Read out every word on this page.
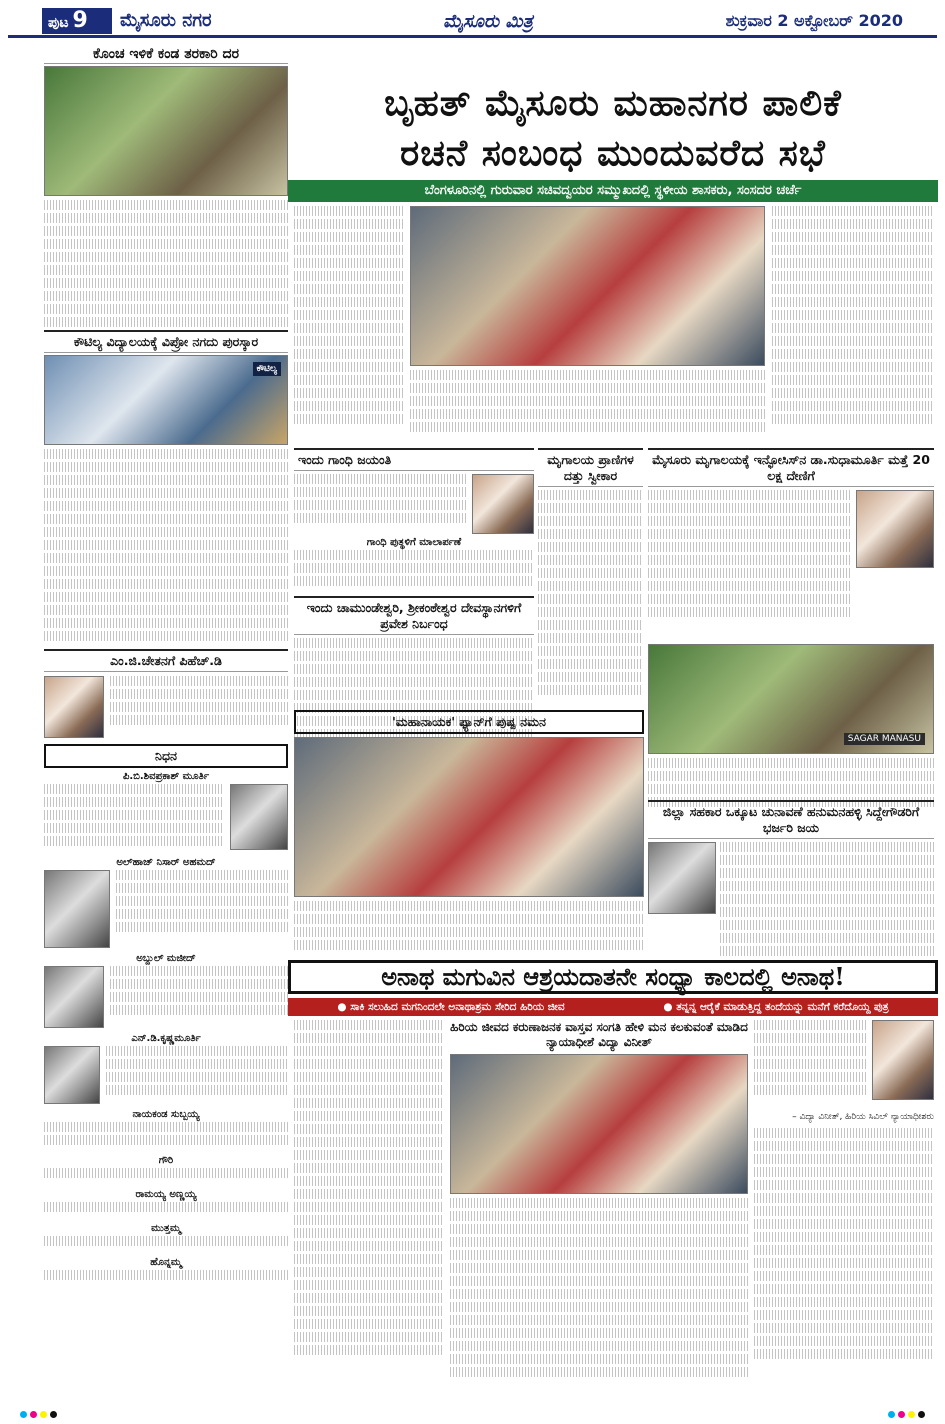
ಪುಟ 9	ಮೈಸೂರು ನಗರ	ಮೈಸೂರು ಮಿತ್ರ	ಶುಕ್ರವಾರ 2 ಅಕ್ಟೋಬರ್ 2020
ಬೃಹತ್ ಮೈಸೂರು ಮಹಾನಗರ ಪಾಲಿಕೆ
ರಚನೆ ಸಂಬಂಧ ಮುಂದುವರೆದ ಸಭೆ
ಬೆಂಗಳೂರಿನಲ್ಲಿ ಗುರುವಾರ ಸಚಿವದ್ವಯರ ಸಮ್ಮುಖದಲ್ಲಿ ಸ್ಥಳೀಯ ಶಾಸಕರು, ಸಂಸದರ ಚರ್ಚೆ
ಕೊಂಚ ಇಳಿಕೆ ಕಂಡ ತರಕಾರಿ ದರ
ಕೌಟಿಲ್ಯ ವಿದ್ಯಾಲಯಕ್ಕೆ ವಿಪ್ರೋ ನಗದು ಪುರಸ್ಕಾರ
ಕೌಟಿಲ್ಯ
ಎಂ.ಜಿ.ಚೇತನಗೆ ಪಿಹೆಚ್.ಡಿ
ನಿಧನ
ಪಿ.ಬಿ.ಶಿವಪ್ರಕಾಶ್ ಮೂರ್ತಿ
ಅಲ್‌ಹಾಜ್ ನಿಸಾರ್ ಅಹಮದ್
ಅಬ್ದುಲ್ ಮಜೀದ್
ಎನ್.ಡಿ.ಕೃಷ್ಣಮೂರ್ತಿ
ನಾಯಕಂಡ ಸುಬ್ಬಯ್ಯ
ಗೌರಿ
ರಾಮಯ್ಯ ಅಣ್ಣಯ್ಯ
ಮುತ್ತಮ್ಮ
ಹೊನ್ನಮ್ಮ
ಇಂದು ಗಾಂಧಿ ಜಯಂತಿ
ಗಾಂಧಿ ಪುತ್ಥಳಿಗೆ ಮಾಲಾರ್ಪಣೆ
ಇಂದು ಚಾಮುಂಡೇಶ್ವರಿ, ಶ್ರೀಕಂಠೇಶ್ವರ ದೇವಸ್ಥಾನಗಳಿಗೆ ಪ್ರವೇಶ ನಿರ್ಬಂಧ
ಮೃಗಾಲಯ ಪ್ರಾಣಿಗಳ ದತ್ತು ಸ್ವೀಕಾರ
ಮೈಸೂರು ಮೃಗಾಲಯಕ್ಕೆ ಇನ್ಫೋಸಿಸ್‌ನ ಡಾ.ಸುಧಾಮೂರ್ತಿ ಮತ್ತೆ 20 ಲಕ್ಷ ದೇಣಿಗೆ
SAGAR MANASU
'ಮಹಾನಾಯಕ' ಫ್ಯಾನ್‌ಗೆ ಪುಷ್ಪ ನಮನ
ಜಿಲ್ಲಾ ಸಹಕಾರ ಒಕ್ಕೂಟ ಚುನಾವಣೆ ಹನುಮನಹಳ್ಳಿ ಸಿದ್ದೇಗೌಡರಿಗೆ ಭರ್ಜರಿ ಜಯ
ಅನಾಥ ಮಗುವಿನ ಆಶ್ರಯದಾತನೇ ಸಂಧ್ಯಾ ಕಾಲದಲ್ಲಿ ಅನಾಥ!
● ಸಾಕಿ ಸಲುಹಿದ ಮಗನಿಂದಲೇ ಅನಾಥಾಶ್ರಮ ಸೇರಿದ ಹಿರಿಯ ಜೀವ	● ತನ್ನನ್ನ ಆರೈಕೆ ಮಾಡುತ್ತಿದ್ದ ತಂದೆಯನ್ನು ಮನೆಗೆ ಕರೆದೊಯ್ದ ಪುತ್ರ
ಹಿರಿಯ ಜೀವದ ಕರುಣಾಜನಕ ವಾಸ್ತವ ಸಂಗತಿ ಹೇಳಿ ಮನ ಕಲಕುವಂತೆ ಮಾಡಿದ ನ್ಯಾಯಾಧೀಶೆ ವಿದ್ಯಾ ವಿನೀತ್
– ವಿದ್ಯಾ ವಿನೀತ್, ಹಿರಿಯ ಸಿವಿಲ್ ನ್ಯಾಯಾಧೀಶರು
